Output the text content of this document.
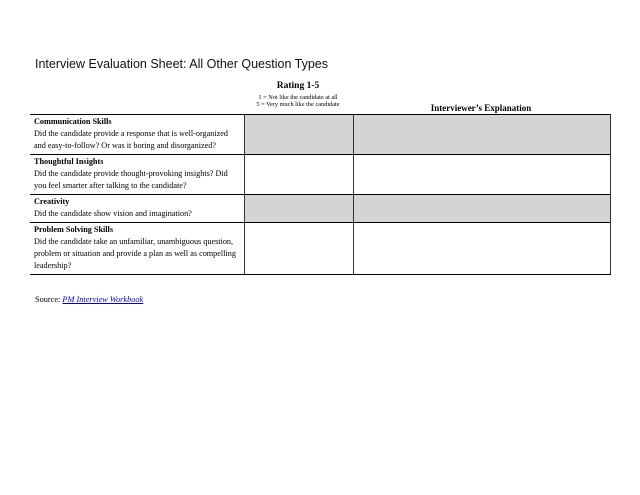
Interview Evaluation Sheet: All Other Question Types
Rating 1-5
1 = Not like the candidate at all
5 = Very much like the candidate	Interviewer’s Explanation
Communication Skills
Did the candidate provide a response that is well-organized and easy-to-follow? Or was it boring and disorganized?		

Thoughtful Insights
Did the candidate provide thought-provoking insights? Did you feel smarter after talking to the candidate?		

Creativity
Did the candidate show vision and imagination?		

Problem Solving Skills
Did the candidate take an unfamiliar, unambiguous question, problem or situation and provide a plan as well as compelling leadership?		

Source: PM Interview Workbook
